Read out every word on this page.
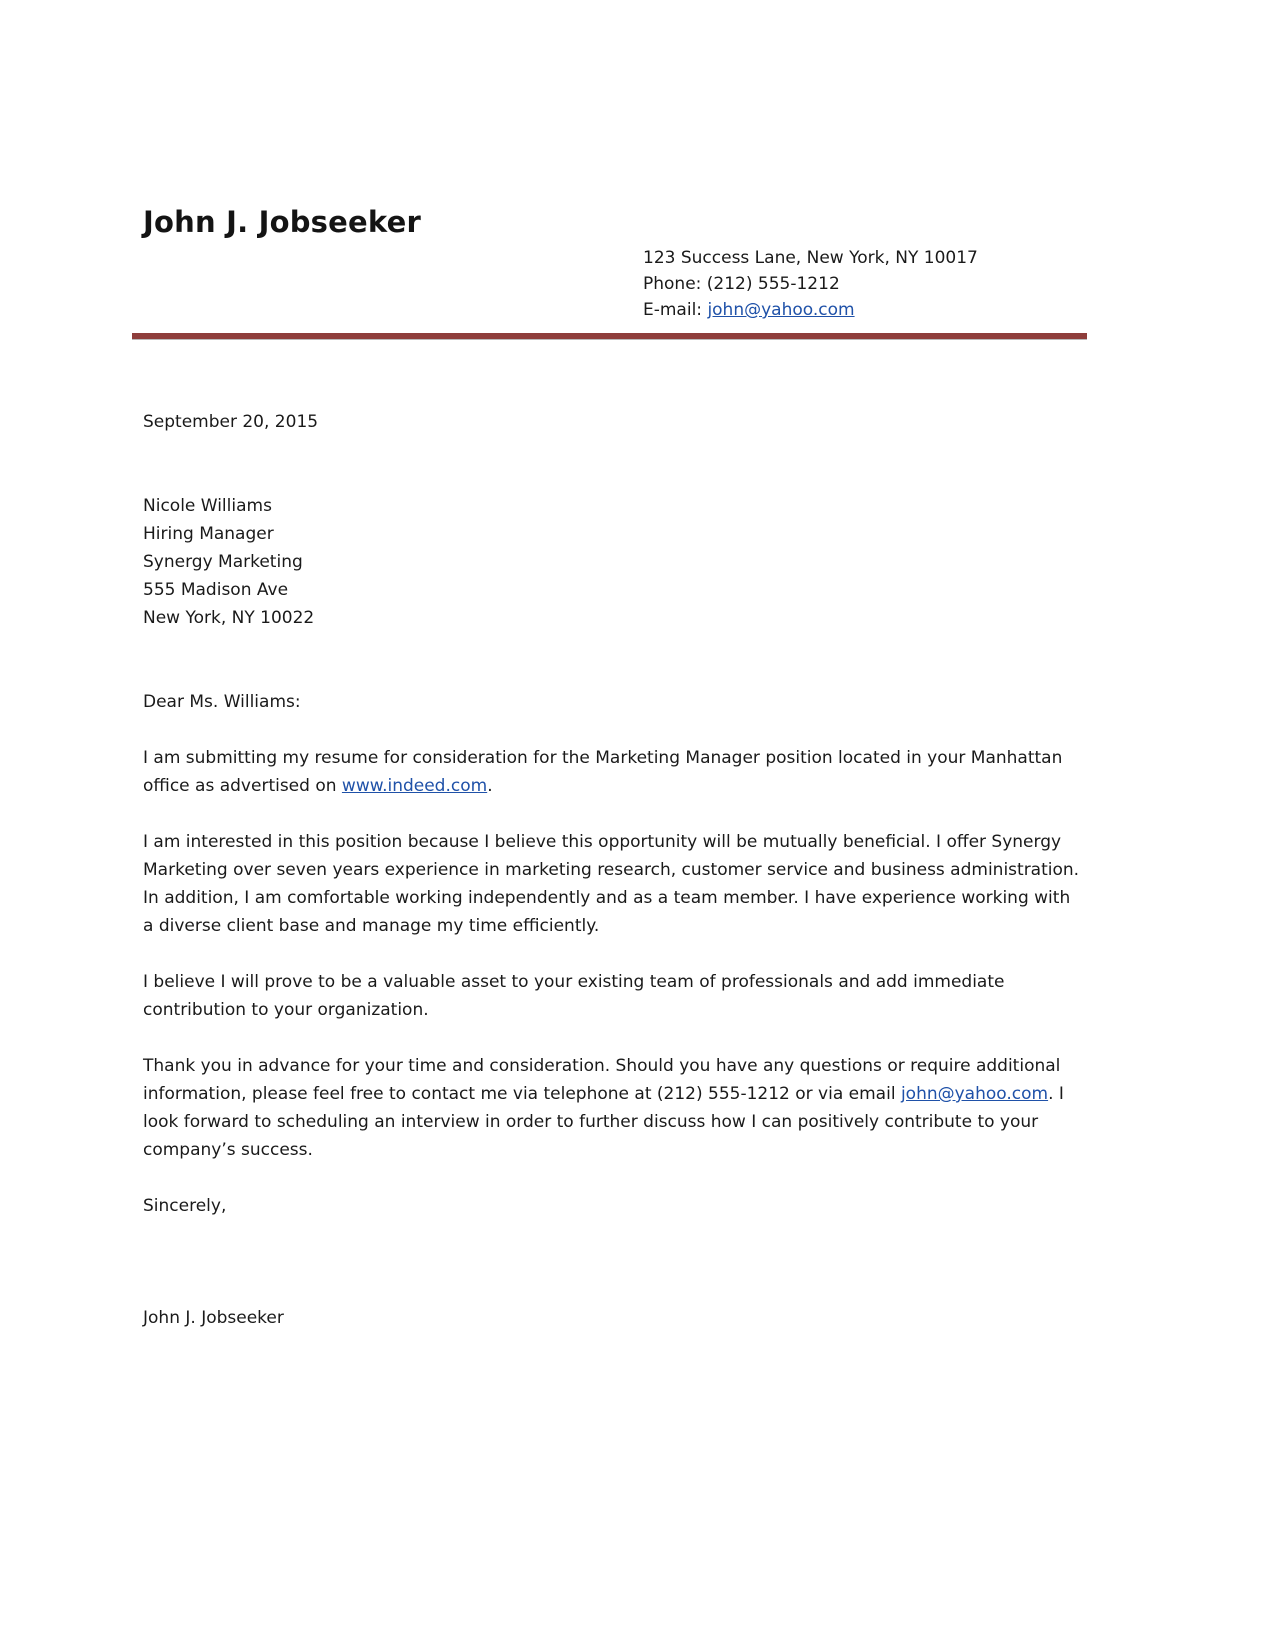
John J. Jobseeker
123 Success Lane, New York, NY 10017
Phone: (212) 555-1212
E-mail: john@yahoo.com
September 20, 2015
Nicole Williams
Hiring Manager
Synergy Marketing
555 Madison Ave
New York, NY 10022
Dear Ms. Williams:

I am submitting my resume for consideration for the Marketing Manager position located in your Manhattan office as advertised on www.indeed.com.

I am interested in this position because I believe this opportunity will be mutually beneficial. I offer Synergy Marketing over seven years experience in marketing research, customer service and business administration. In addition, I am comfortable working independently and as a team member. I have experience working with a diverse client base and manage my time efficiently.

I believe I will prove to be a valuable asset to your existing team of professionals and add immediate contribution to your organization.

Thank you in advance for your time and consideration. Should you have any questions or require additional information, please feel free to contact me via telephone at (212) 555-1212 or via email john@yahoo.com. I look forward to scheduling an interview in order to further discuss how I can positively contribute to your company’s success.

Sincerely,
John J. Jobseeker
